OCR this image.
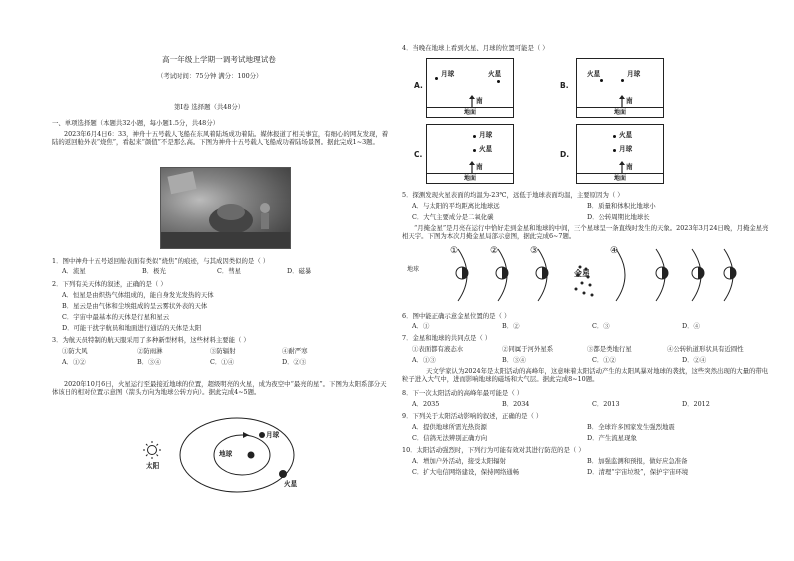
高一年级上学期一调考试地理试卷
（考试时间：75分钟 满分：100分）
第Ⅰ卷 选择题（共48分）
一、单项选择题（本题共32小题，每小题1.5分，共48分）
2023年6月4日6：33，神舟十五号载人飞船在东风着陆场成功着陆。媒体报道了相关事宜，有细心的网友发现，着陆的返回舱外表“烧焦”，看起来“颜值”不是那么高。下图为神舟十五号载人飞船成功着陆场景图。据此完成1~3题。
1．图中神舟十五号返回舱表面有类似“烧焦”的痕迹，与其成因类似的是（ ）
A．流星	B．极光	C．彗星	D．磁暴
2．下列有关天体的叙述，正确的是（ ）
A．恒星是由炽热气体组成的，能自身发光发热的天体
B．星云是由气体和尘埃组成的呈云雾状外表的天体
C．宇宙中最基本的天体是行星和星云
D．可能干扰宇航员和地面进行通话的天体是太阳
3．为航天员特制的航天服采用了多种新型材料，这些材料主要能（ ）
①防大风	②防雨淋	③防辐射	④耐严寒
A．①②	B．③④	C．①④	D．②③
2020年10月6日，火星运行至最接近地球的位置，超级明亮的火星，成为夜空中“最亮的星”。下图为太阳系部分天体该日的相对位置示意图（箭头方向为地球公转方向）。据此完成4~5题。
太阳
地球
月球
火星
4．当晚在地球上看到火星、月球的位置可能是（ ）
A.
月球	火星
南
地面
B.
火星	月球
南
地面
C.
月球
火星
南
地面
D.
火星
月球
南
地面
5．探测发现火星表面的均温为-23℃，远低于地球表面均温，主要原因为（ ）
A．与太阳的平均距离比地球远	B．质量和体积比地球小
C．大气主要成分是二氧化碳	D．公转周期比地球长
“月掩金星”是月亮在运行中恰好走到金星和地球的中间，三个星球呈一条直线时发生的天象。2023年3月24日晚，月掩金星亮相天宇。下图为本次月掩金星局部示意图，据此完成6~7题。
地球
①	②	③	④
金星
6．图中能正确示意金星位置的是（ ）
A．①	B．②	C．③	D．④
7．金星和地球的共同点是（ ）
①表面都有液态水	②同属于河外星系	③都是类地行星	④公转轨道形状具有近圆性
A．①③	B．③④	C．①②	D．②④
天文学家认为2024年是太阳活动的高峰年，这意味着太阳活动产生的太阳风暴对地球的袭扰，这些突然出现的大量的带电粒子进入大气中，进而影响地球的磁场和大气层。据此完成8~10题。
8．下一次太阳活动的高峰年最可能是（ ）
A．2035	B．2034	C．2013	D．2012
9．下列关于太阳活动影响的叙述，正确的是（ ）
A．提供地球所需光热资源	B．全球许多国家发生强烈地震
C．信鸽无法辨别正确方向	D．产生流星现象
10．太阳活动强烈时，下列行为可能有效对其进行防范的是（ ）
A．增加户外活动，接受太阳辐射	B．加强监测和预报，做好应急准备
C．扩大电信网络建设，保持网络通畅	D．清理“宇宙垃圾”，保护宇宙环境
